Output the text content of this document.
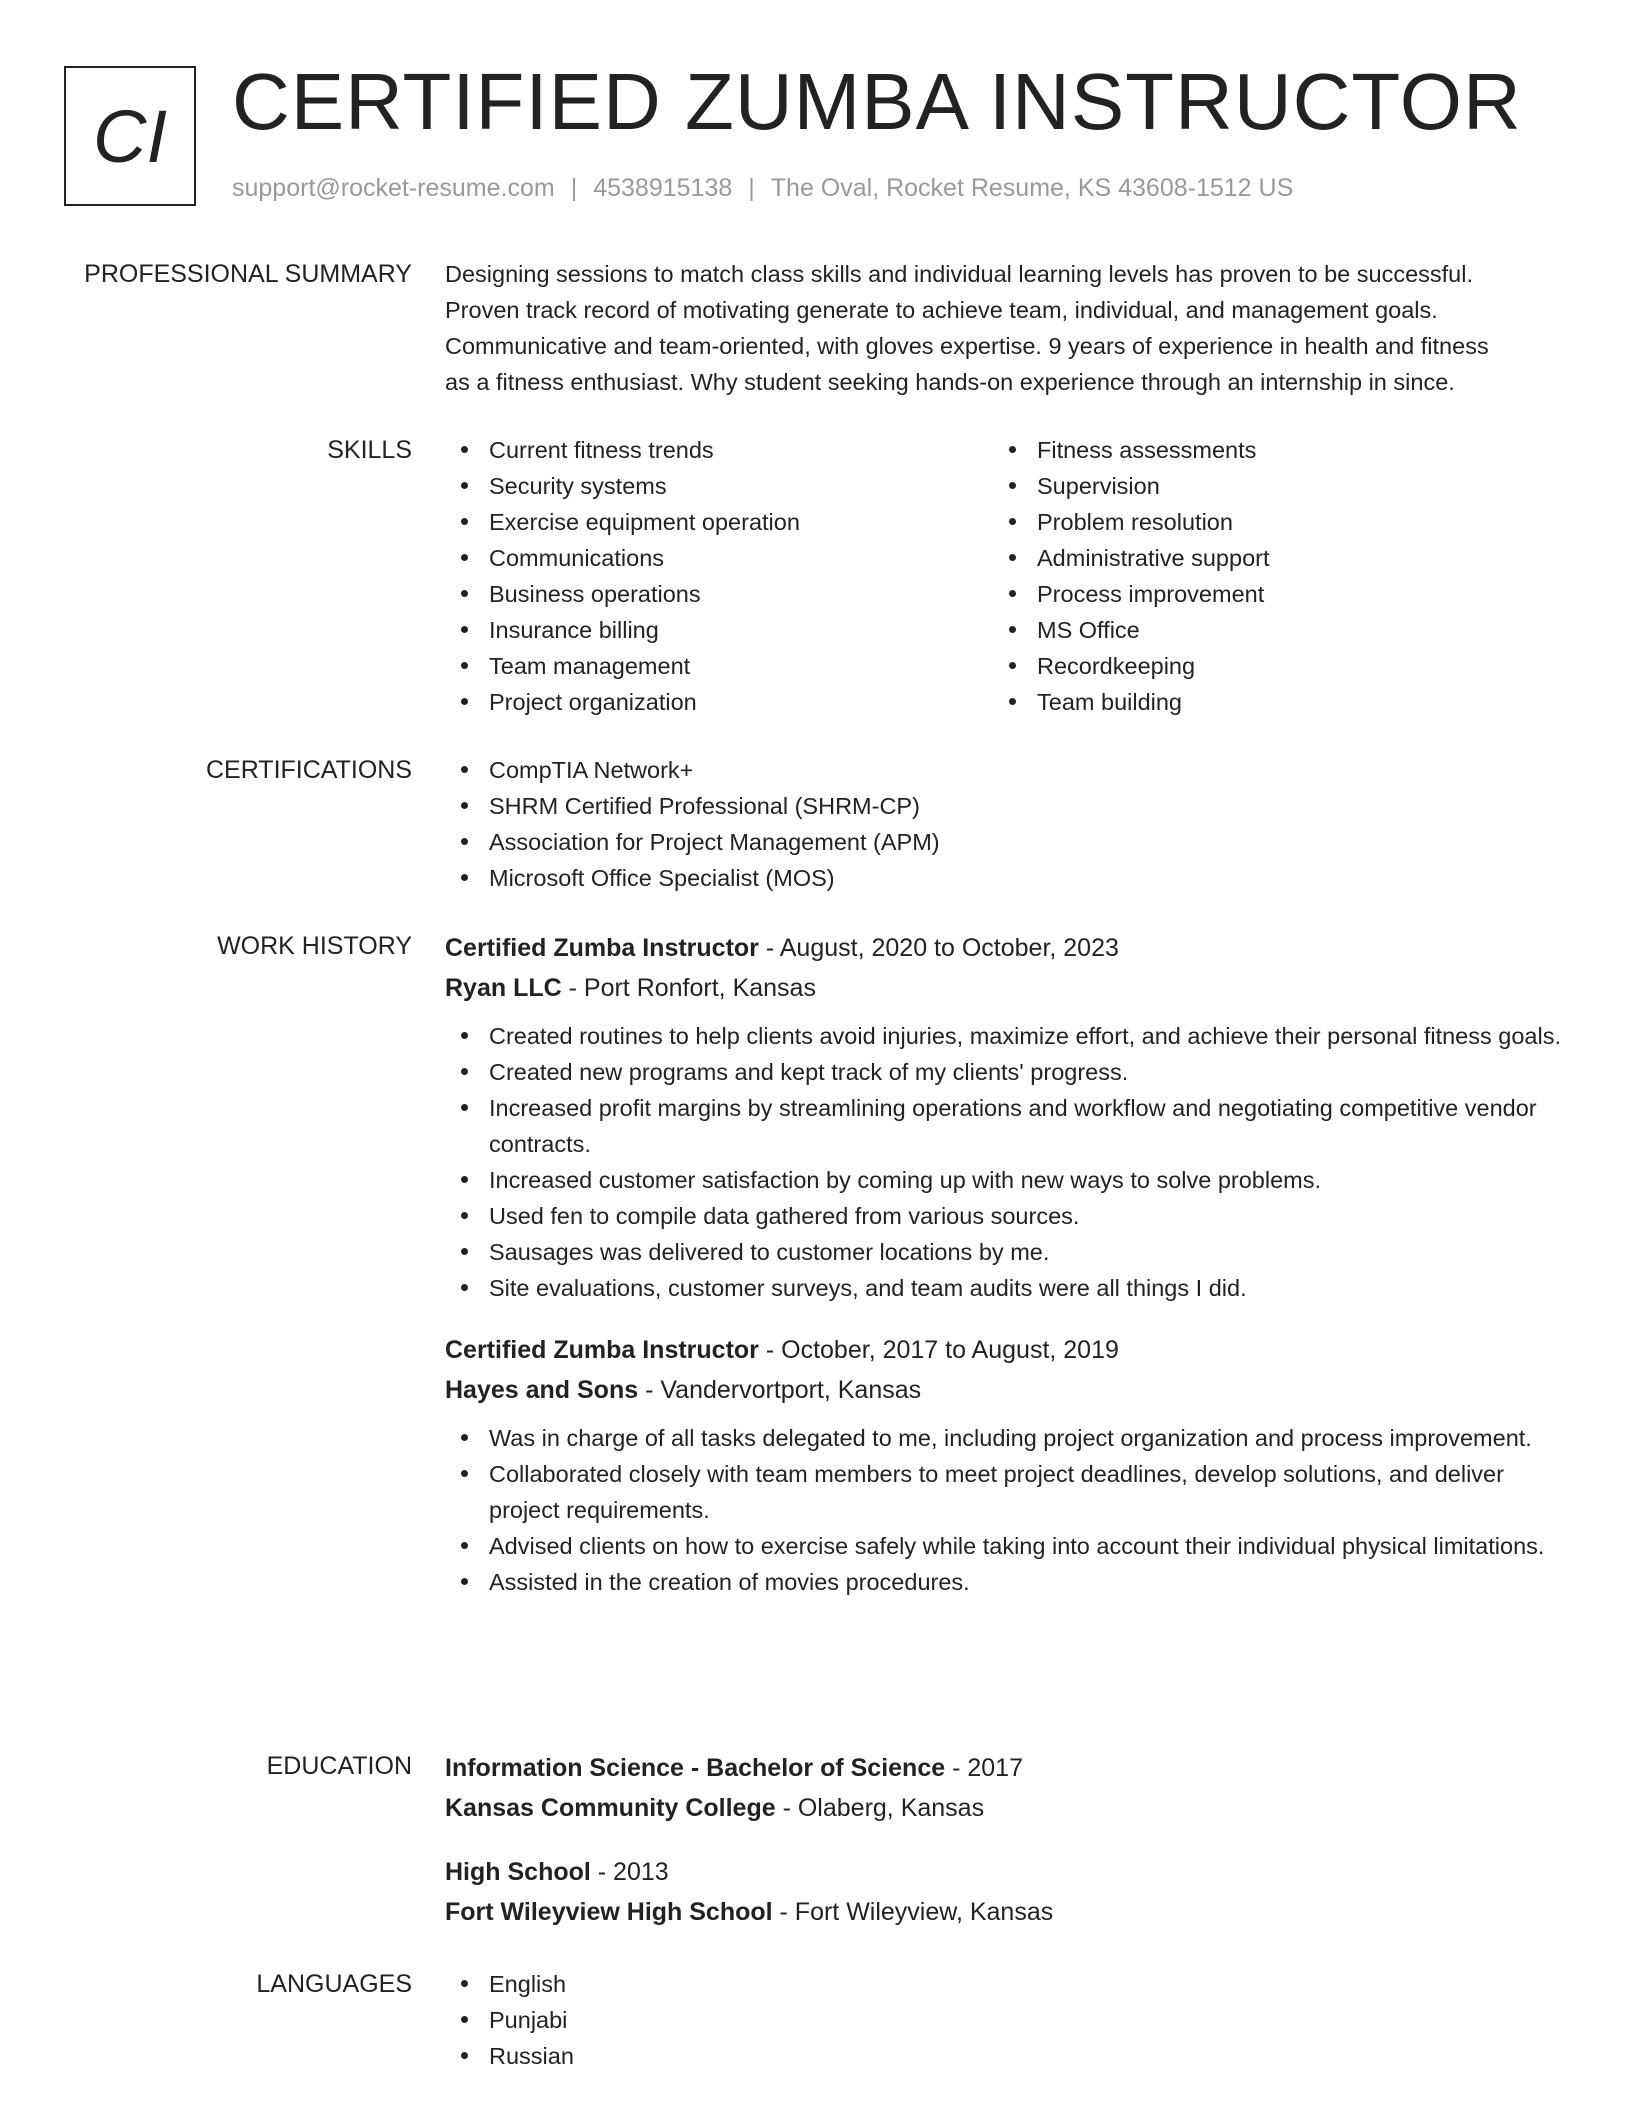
CI CERTIFIED ZUMBA INSTRUCTOR
support@rocket-resume.com | 4538915138 | The Oval, Rocket Resume, KS 43608-1512 US
PROFESSIONAL SUMMARY Designing sessions to match class skills and individual learning levels has proven to be successful.

Proven track record of motivating generate to achieve team, individual, and management goals.

Communicative and team-oriented, with gloves expertise. 9 years of experience in health and fitness

as a fitness enthusiast. Why student seeking hands-on experience through an internship in since.

SKILLS	Current fitness trends
Security systems
Exercise equipment operation
Communications
Business operations
Insurance billing
Team management
Project organization
Fitness assessments
Supervision
Problem resolution
Administrative support
Process improvement
MS Office
Recordkeeping
Team building
CERTIFICATIONS	CompTIA Network+
SHRM Certified Professional (SHRM-CP)
Association for Project Management (APM)
Microsoft Office Specialist (MOS)
WORK HISTORY Certified Zumba Instructor - August, 2020 to October, 2023
Ryan LLC - Port Ronfort, Kansas
Created routines to help clients avoid injuries, maximize effort, and achieve their personal fitness goals.
Created new programs and kept track of my clients' progress.
Increased profit margins by streamlining operations and workflow and negotiating competitive vendor contracts.
Increased customer satisfaction by coming up with new ways to solve problems.
Used fen to compile data gathered from various sources.
Sausages was delivered to customer locations by me.
Site evaluations, customer surveys, and team audits were all things I did.
Certified Zumba Instructor - October, 2017 to August, 2019
Hayes and Sons - Vandervortport, Kansas
Was in charge of all tasks delegated to me, including project organization and process improvement.
Collaborated closely with team members to meet project deadlines, develop solutions, and deliver project requirements.
Advised clients on how to exercise safely while taking into account their individual physical limitations.
Assisted in the creation of movies procedures.
EDUCATION Information Science - Bachelor of Science - 2017
Kansas Community College - Olaberg, Kansas
High School - 2013
Fort Wileyview High School - Fort Wileyview, Kansas
LANGUAGES	English
Punjabi
Russian
